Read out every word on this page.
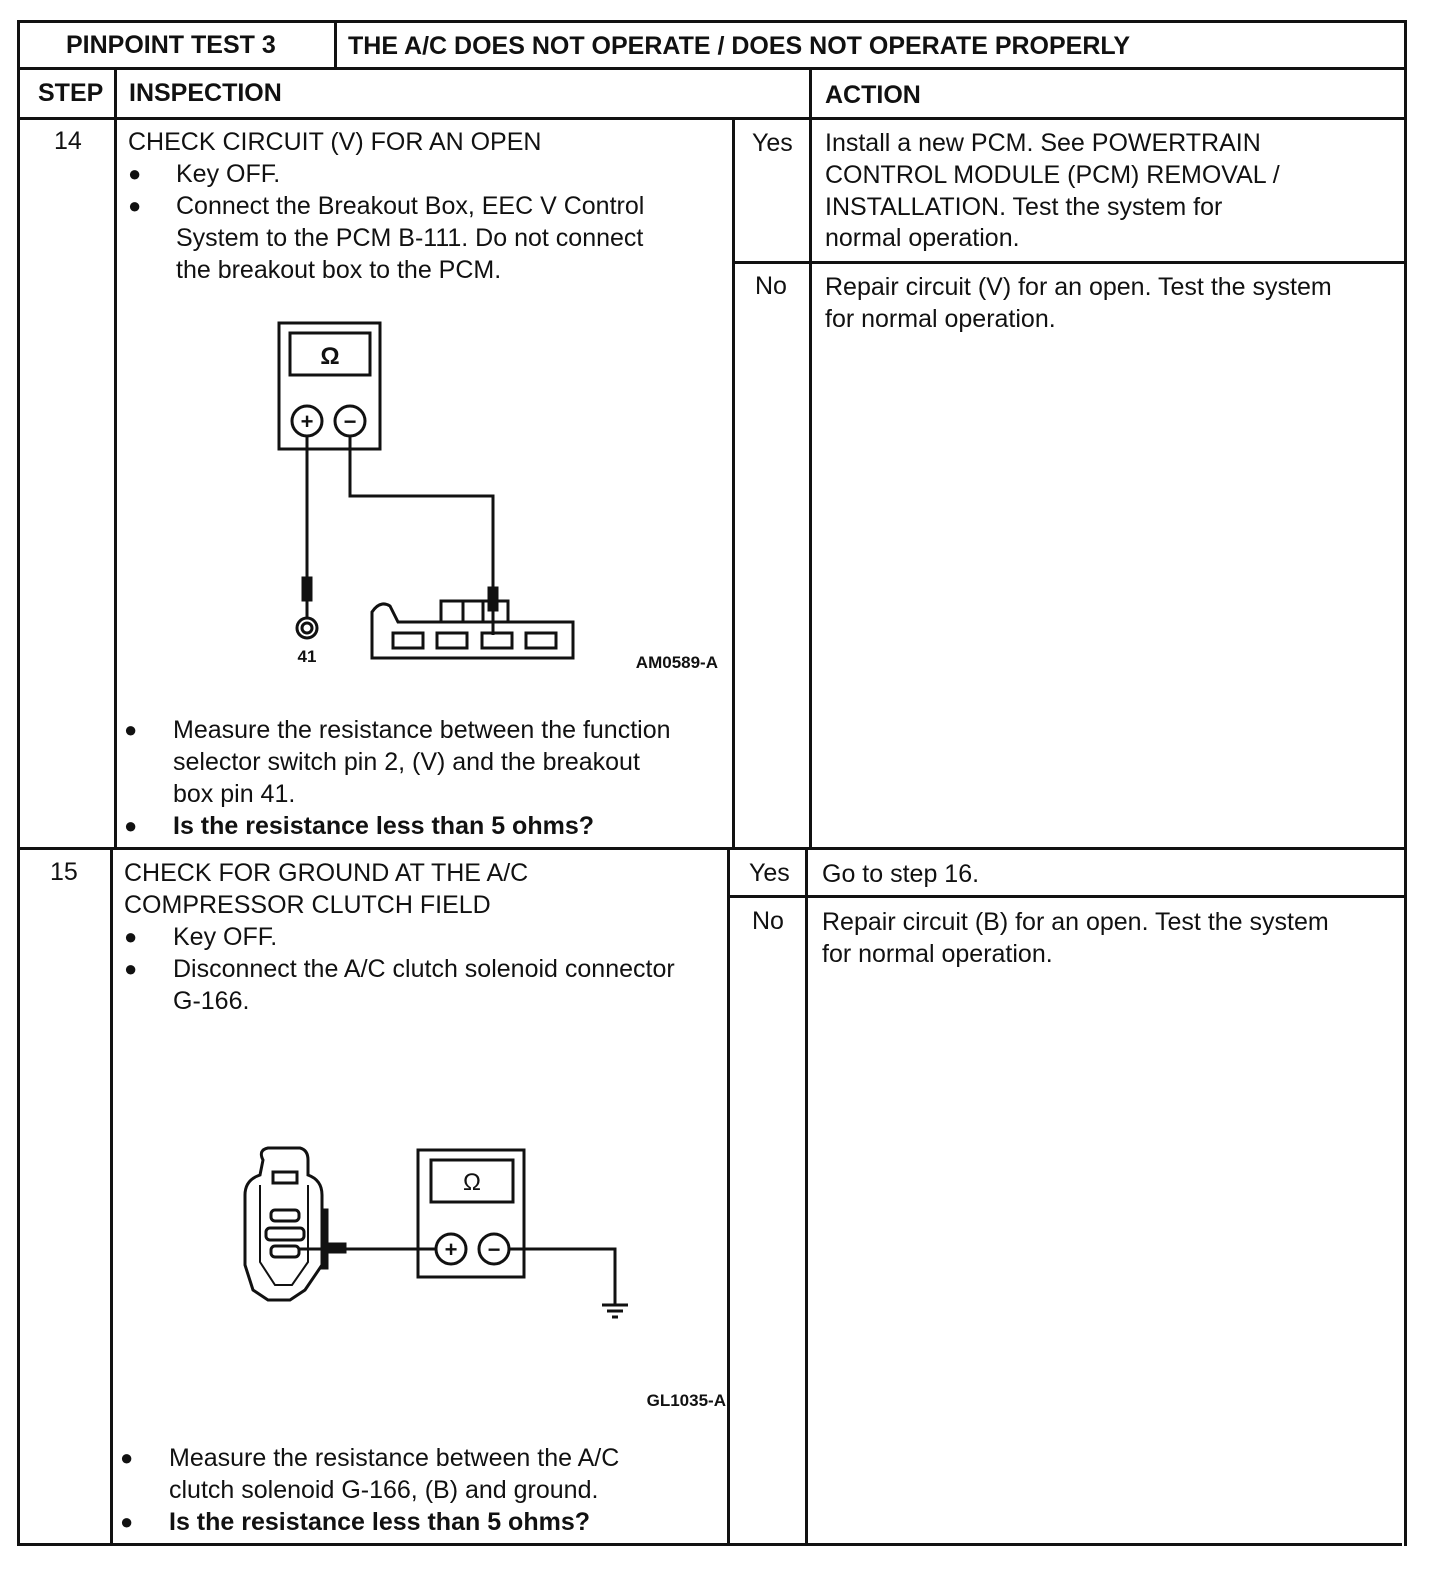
PINPOINT TEST 3	THE A/C DOES NOT OPERATE / DOES NOT OPERATE PROPERLY
STEP INSPECTION	ACTION
14 CHECK CIRCUIT (V) FOR AN OPEN
● Key OFF.
● Connect the Breakout Box, EEC V Control
System to the PCM B-111. Do not connect
the breakout box to the PCM.
● Measure the resistance between the function
selector switch pin 2, (V) and the breakout
box pin 41.
● Is the resistance less than 5 ohms?
Yes Install a new PCM. See POWERTRAIN
CONTROL MODULE (PCM) REMOVAL /
INSTALLATION. Test the system for
normal operation.
No Repair circuit (V) for an open. Test the system
for normal operation.
15 CHECK FOR GROUND AT THE A/C
COMPRESSOR CLUTCH FIELD
● Key OFF.
● Disconnect the A/C clutch solenoid connector
G-166.
● Measure the resistance between the A/C
clutch solenoid G-166, (B) and ground.
● Is the resistance less than 5 ohms?
Yes Go to step 16.
No Repair circuit (B) for an open. Test the system
for normal operation.
Ω
+ −
41	AM0589-A
Ω
+ −
GL1035-A
